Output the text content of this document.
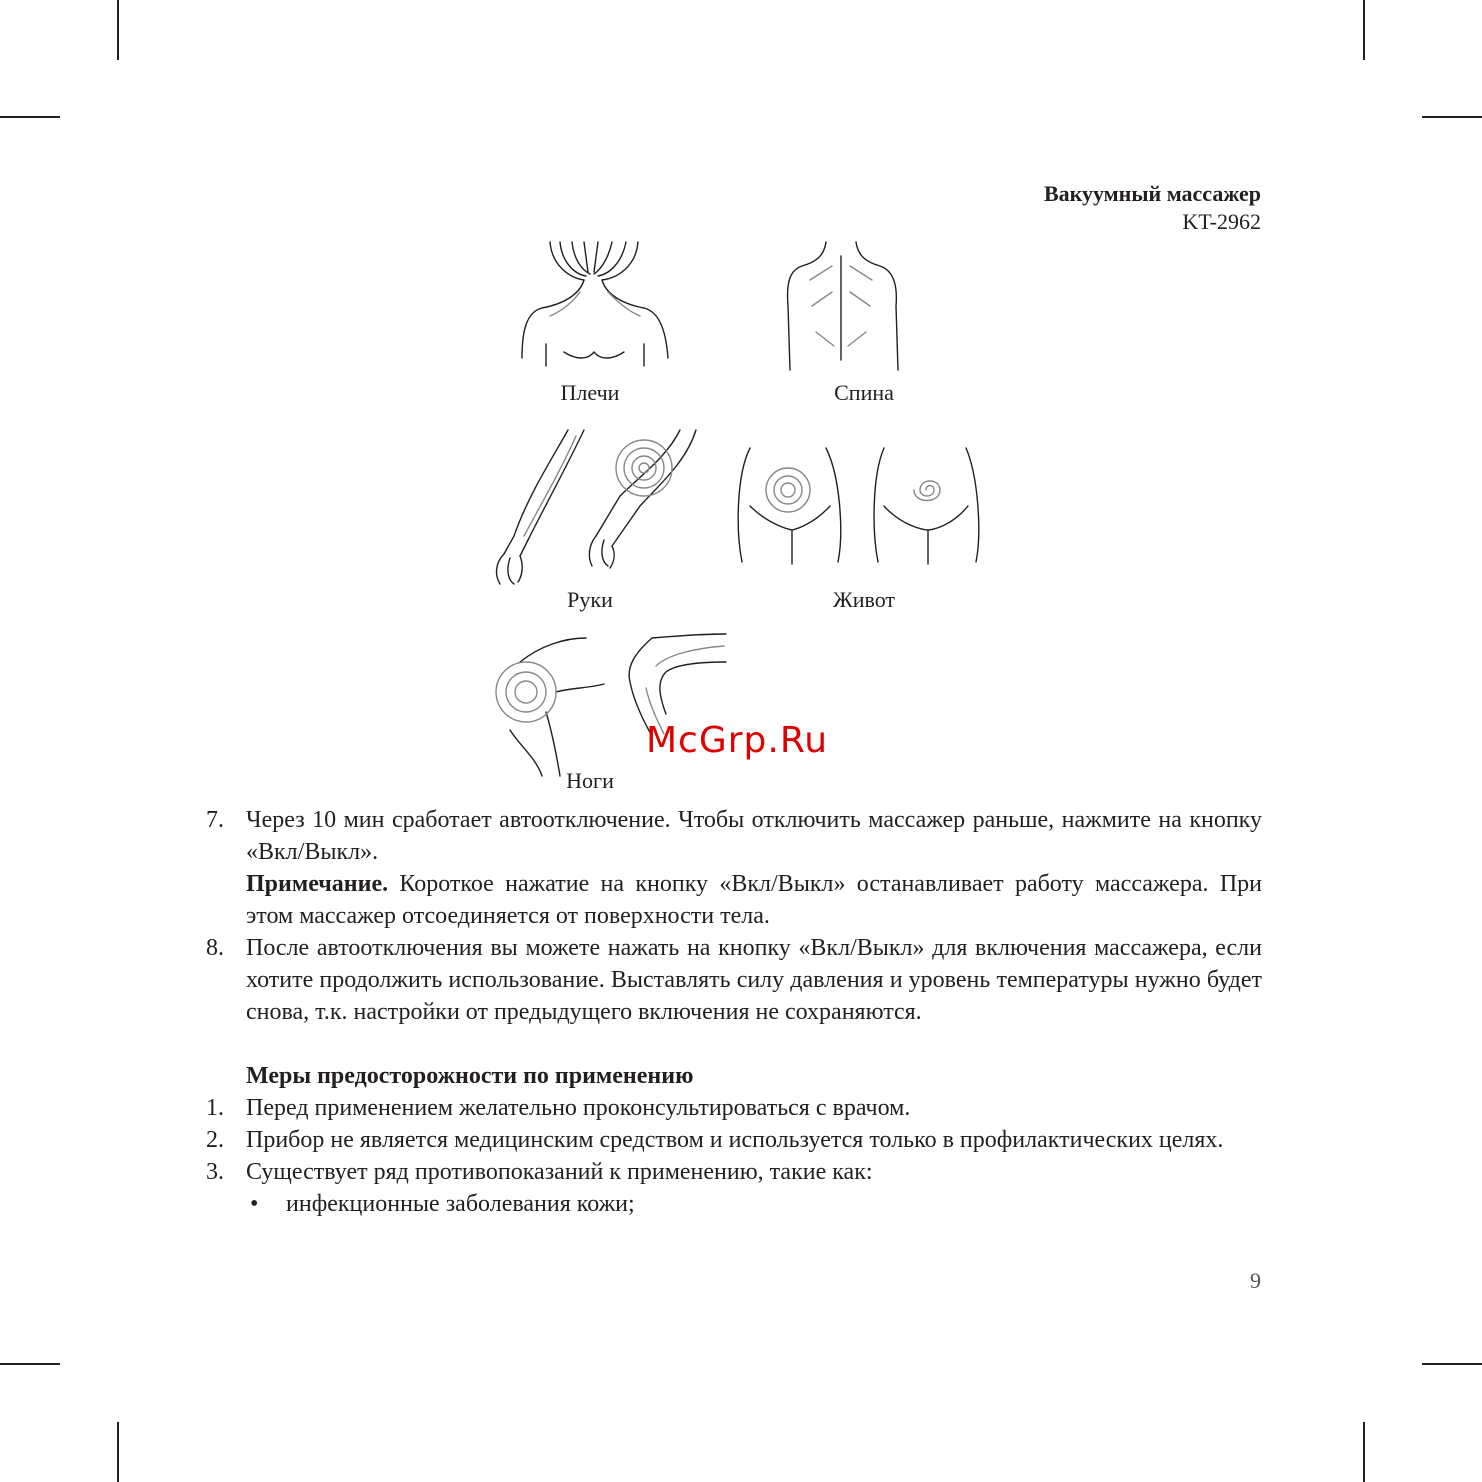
Вакуумный массажер
KT-2962
Плечи	Спина
Руки	Живот
Ноги
McGrp.Ru
7. Через 10 мин сработает автоотключение. Чтобы отключить массажер раньше, нажмите на кнопку «Вкл/Выкл».
Примечание. Короткое нажатие на кнопку «Вкл/Выкл» останавливает работу массажера. При этом массажер отсоединяется от поверхности тела.
8. После автоотключения вы можете нажать на кнопку «Вкл/Выкл» для включения массажера, если хотите продолжить использование. Выставлять силу давления и уровень температуры нужно будет снова, т.к. настройки от предыдущего включения не сохраняются.
Меры предосторожности по применению
1. Перед применением желательно проконсультироваться с врачом.
2. Прибор не является медицинским средством и используется только в профилактических целях.
3. Существует ряд противопоказаний к применению, такие как:
• инфекционные заболевания кожи;
9
